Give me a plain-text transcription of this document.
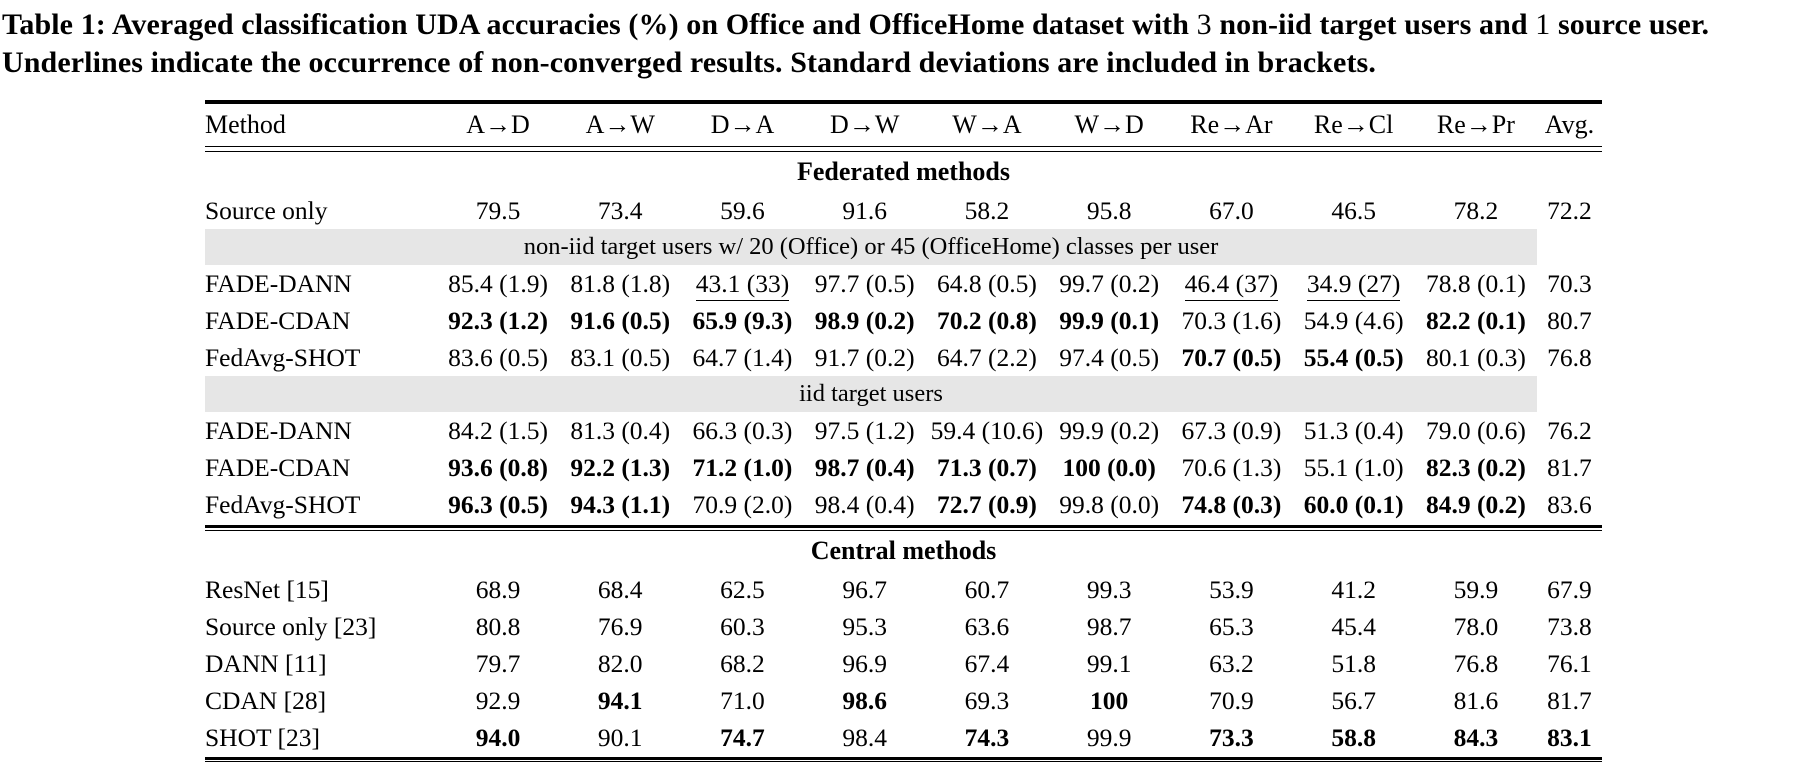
Table 1: Averaged classification UDA accuracies (%) on Office and OfficeHome dataset with 3 non-iid target users and 1 source user. Underlines indicate the occurrence of non-converged results. Standard deviations are included in brackets.
Method	A→D	A→W	D→A	D→W	W→A	W→D	Re→Ar	Re→Cl	Re→Pr	Avg.
Federated methods
Source only	79.5	73.4	59.6	91.6	58.2	95.8	67.0	46.5	78.2	72.2
non-iid target users w/ 20 (Office) or 45 (OfficeHome) classes per user
FADE-DANN	85.4 (1.9) 81.8 (1.8)	43.1 (33)	97.7 (0.5) 64.8 (0.5) 99.7 (0.2)	46.4 (37)	34.9 (27)	78.8 (0.1) 70.3
FADE-CDAN	92.3 (1.2) 91.6 (0.5) 65.9 (9.3) 98.9 (0.2) 70.2 (0.8) 99.9 (0.1) 70.3 (1.6) 54.9 (4.6) 82.2 (0.1) 80.7
FedAvg-SHOT	83.6 (0.5) 83.1 (0.5) 64.7 (1.4) 91.7 (0.2) 64.7 (2.2) 97.4 (0.5) 70.7 (0.5) 55.4 (0.5) 80.1 (0.3) 76.8
iid target users
FADE-DANN	84.2 (1.5) 81.3 (0.4) 66.3 (0.3) 97.5 (1.2) 59.4 (10.6) 99.9 (0.2) 67.3 (0.9) 51.3 (0.4) 79.0 (0.6) 76.2
FADE-CDAN	93.6 (0.8) 92.2 (1.3) 71.2 (1.0) 98.7 (0.4) 71.3 (0.7)	100 (0.0)	70.6 (1.3) 55.1 (1.0) 82.3 (0.2) 81.7
FedAvg-SHOT	96.3 (0.5) 94.3 (1.1) 70.9 (2.0) 98.4 (0.4) 72.7 (0.9) 99.8 (0.0) 74.8 (0.3) 60.0 (0.1) 84.9 (0.2) 83.6
Central methods
ResNet [15]	68.9	68.4	62.5	96.7	60.7	99.3	53.9	41.2	59.9	67.9
Source only [23]	80.8	76.9	60.3	95.3	63.6	98.7	65.3	45.4	78.0	73.8
DANN [11]	79.7	82.0	68.2	96.9	67.4	99.1	63.2	51.8	76.8	76.1
CDAN [28]	92.9	94.1	71.0	98.6	69.3	100	70.9	56.7	81.6	81.7
SHOT [23]	94.0	90.1	74.7	98.4	74.3	99.9	73.3	58.8	84.3	83.1
